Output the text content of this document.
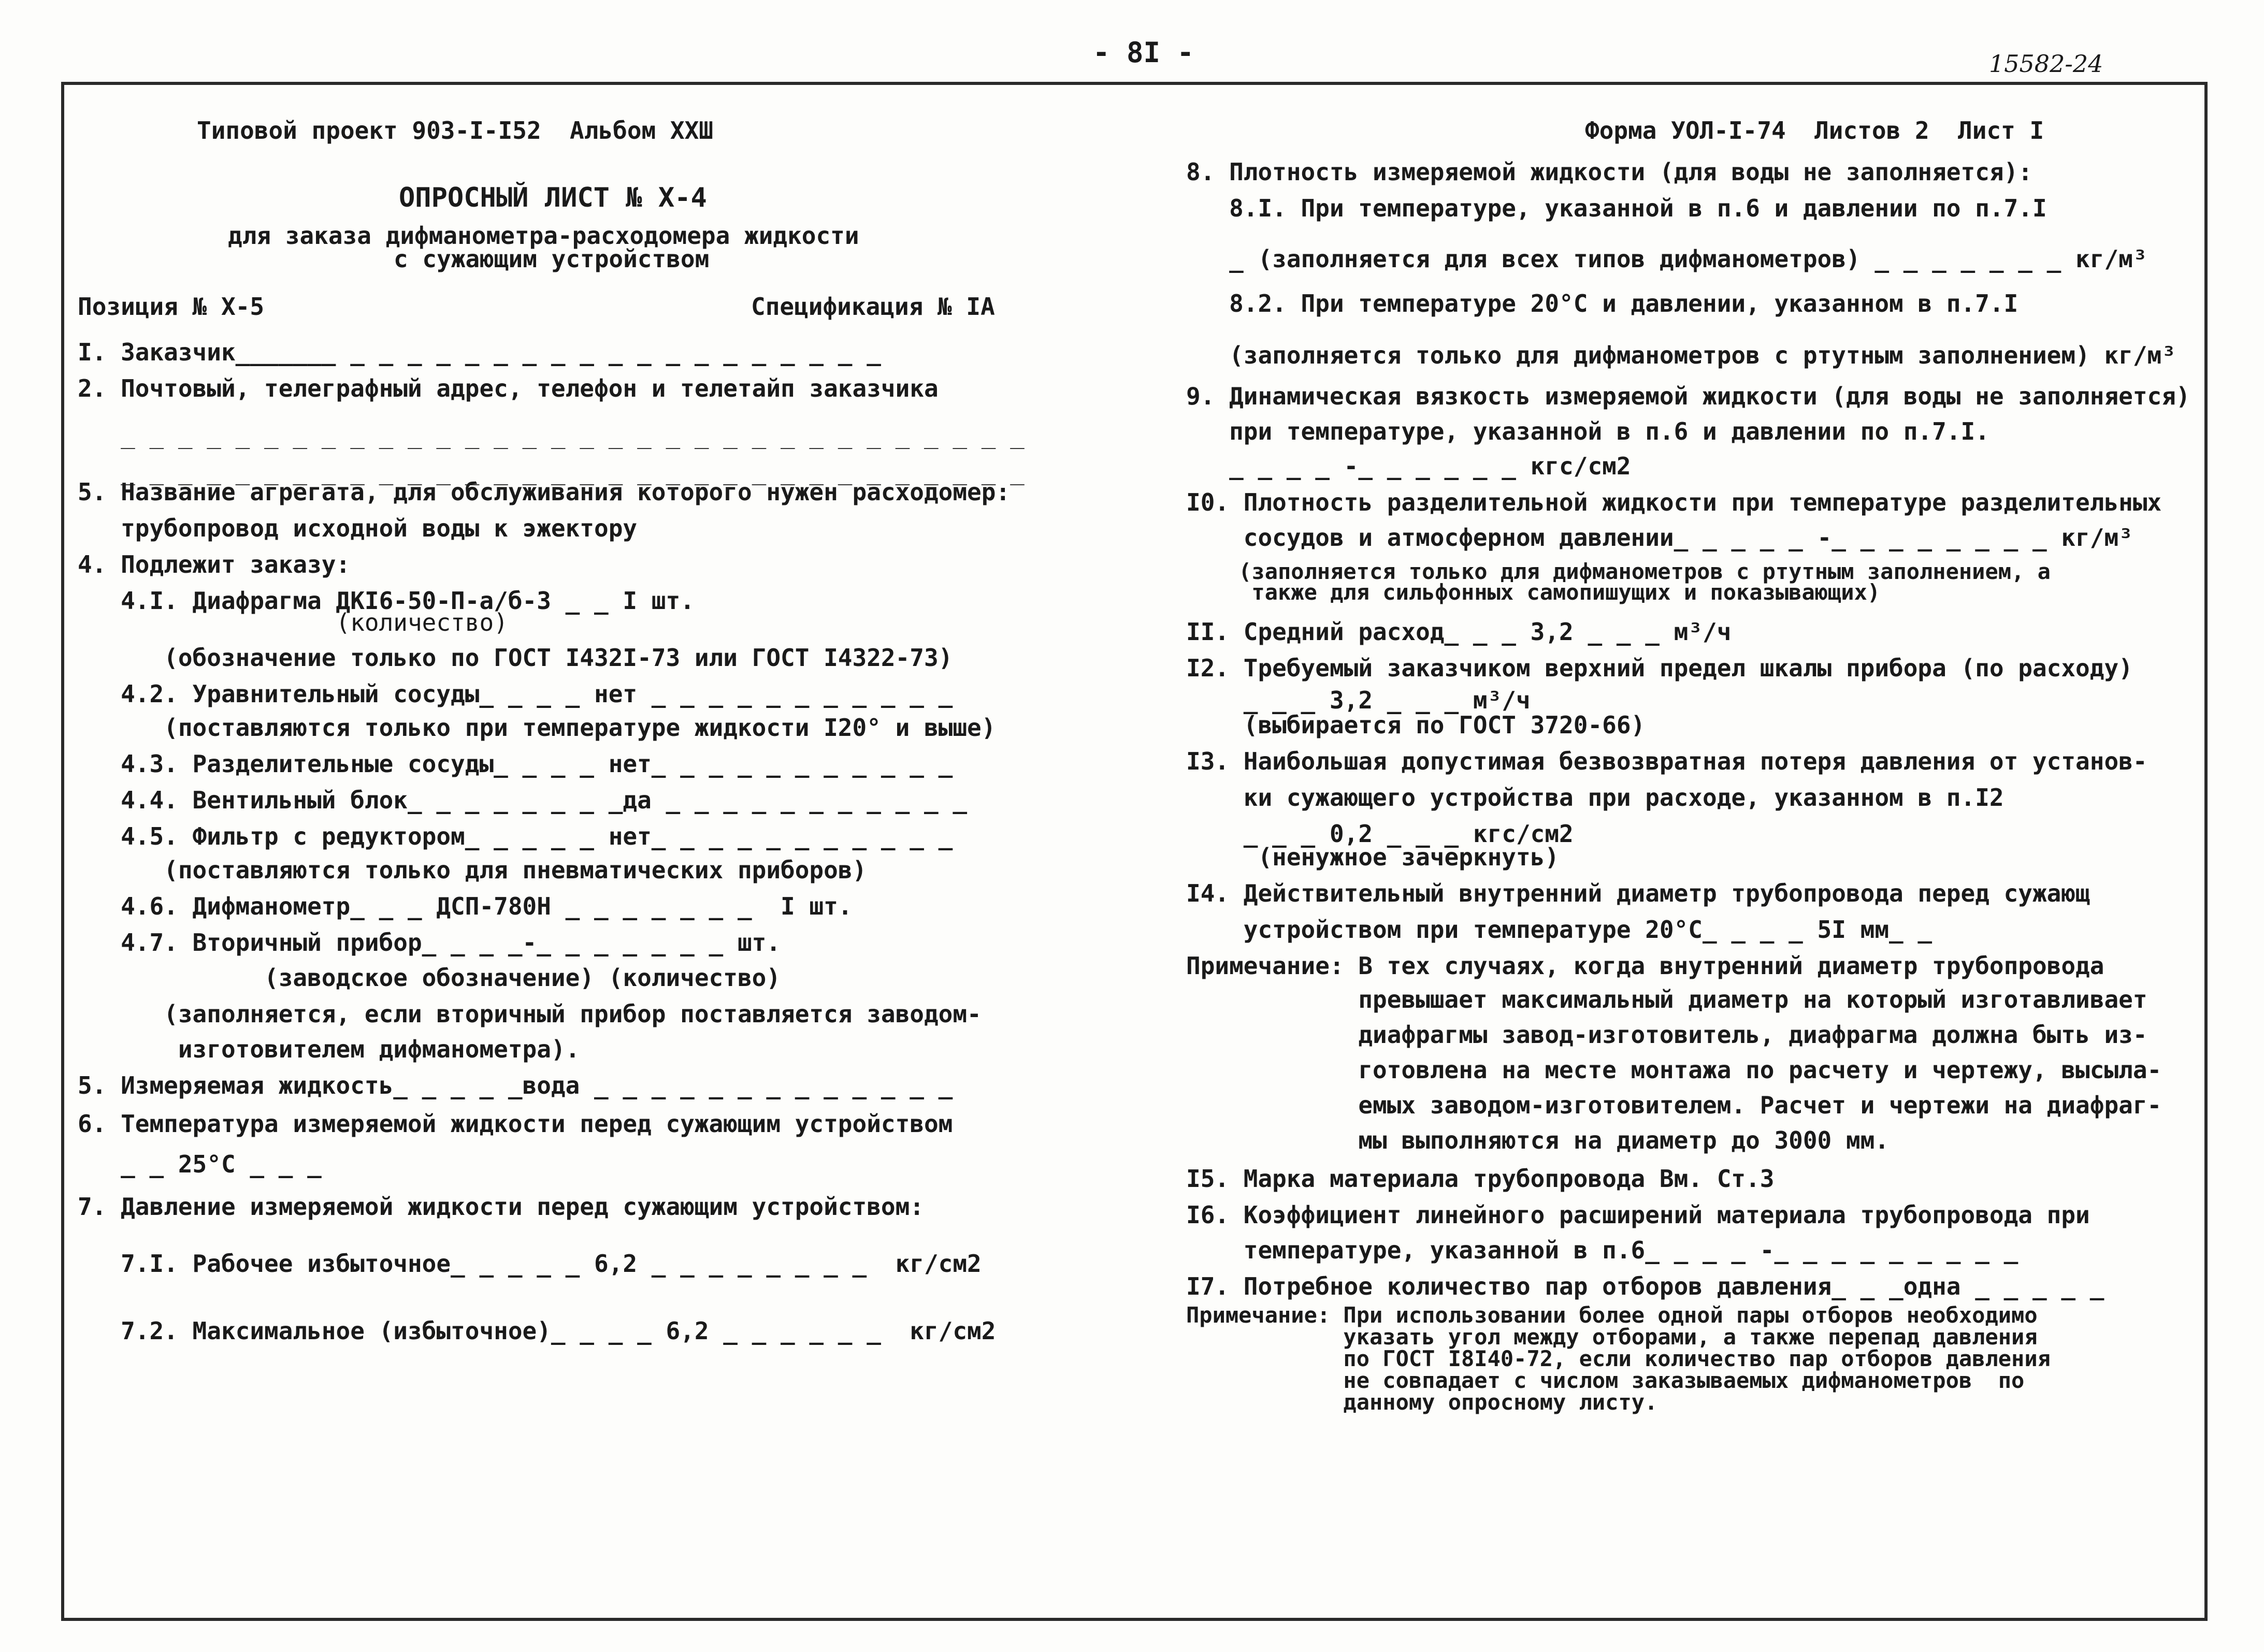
- 8I -	15582-24
Типовой проект 903-I-I52  Альбом XXШ	Форма УОЛ-I-74  Листов 2  Лист I
ОПРОСНЫЙ ЛИСТ № X-4
для заказа дифманометра-расходомера жидкости
с сужающим устройством
Позиция № X-5	Спецификация № IA
I. Заказчик_______ _ _ _ _ _ _ _ _ _ _ _ _ _ _ _ _ _ _ _
2. Почтовый, телеграфный адрес, телефон и телетайп заказчика
_ _ _ _ _ _ _ _ _ _ _ _ _ _ _ _ _ _ _ _ _ _ _ _ _ _ _ _ _ _ _ _
_ _ _ _ _ _ _ _ _ _ _ _ _ _ _ _ _ _ _ _ _ _ _ _ _ _ _ _ _ _ _ _
5. Название агрегата, для обслуживания которого нужен расходомер:
трубопровод исходной воды к эжектору
4. Подлежит заказу:
4.I. Диафрагма ДКI6-50-П-а/б-3 _ _ I шт.
(количество)
(обозначение только по ГОСТ I432I-73 или ГОСТ I4322-73)
4.2. Уравнительный сосуды_ _ _ _ нет _ _ _ _ _ _ _ _ _ _ _
(поставляются только при температуре жидкости I20° и выше)
4.3. Разделительные сосуды_ _ _ _ нет_ _ _ _ _ _ _ _ _ _ _
4.4. Вентильный блок_ _ _ _ _ _ _ _да _ _ _ _ _ _ _ _ _ _ _
4.5. Фильтр с редуктором_ _ _ _ _ нет_ _ _ _ _ _ _ _ _ _ _
(поставляются только для пневматических приборов)
4.6. Дифманометр_ _ _ ДСП-780Н _ _ _ _ _ _ _  I шт.
4.7. Вторичный прибор_ _ _ _-_ _ _ _ _ _ _ шт.
(заводское обозначение) (количество)
(заполняется, если вторичный прибор поставляется заводом-
изготовителем дифманометра).
5. Измеряемая жидкость_ _ _ _ _вода _ _ _ _ _ _ _ _ _ _ _ _ _
6. Температура измеряемой жидкости перед сужающим устройством
_ _ 25°C _ _ _
7. Давление измеряемой жидкости перед сужающим устройством:
7.I. Рабочее избыточное_ _ _ _ _ 6,2 _ _ _ _ _ _ _ _  кг/см2
7.2. Максимальное (избыточное)_ _ _ _ 6,2 _ _ _ _ _ _  кг/см2
8. Плотность измеряемой жидкости (для воды не заполняется):
8.I. При температуре, указанной в п.6 и давлении по п.7.I
_ (заполняется для всех типов дифманометров) _ _ _ _ _ _ _ кг/м³
8.2. При температуре 20°C и давлении, указанном в п.7.I
(заполняется только для дифманометров с ртутным заполнением) кг/м³
9. Динамическая вязкость измеряемой жидкости (для воды не заполняется)
при температуре, указанной в п.6 и давлении по п.7.I.
_ _ _ _ -_ _ _ _ _ _ кгс/см2
I0. Плотность разделительной жидкости при температуре разделительных
сосудов и атмосферном давлении_ _ _ _ _ -_ _ _ _ _ _ _ _ кг/м³
(заполняется только для дифманометров с ртутным заполнением, а
также для сильфонных самопишущих и показывающих)
II. Средний расход_ _ _ 3,2 _ _ _ м³/ч
I2. Требуемый заказчиком верхний предел шкалы прибора (по расходу)
_ _ _ 3,2 _ _ _ м³/ч
(выбирается по ГОСТ 3720-66)
I3. Наибольшая допустимая безвозвратная потеря давления от установ-
ки сужающего устройства при расходе, указанном в п.I2
_ _ _ 0,2 _ _ _ кгс/см2
(ненужное зачеркнуть)
I4. Действительный внутренний диаметр трубопровода перед сужающ
устройством при температуре 20°C_ _ _ _ 5I мм_ _
Примечание: В тех случаях, когда внутренний диаметр трубопровода
превышает максимальный диаметр на который изготавливает
диафрагмы завод-изготовитель, диафрагма должна быть из-
готовлена на месте монтажа по расчету и чертежу, высыла-
емых заводом-изготовителем. Расчет и чертежи на диафраг-
мы выполняются на диаметр до 3000 мм.
I5. Марка материала трубопровода Вм. Ст.3
I6. Коэффициент линейного расширений материала трубопровода при
температуре, указанной в п.6_ _ _ _ -_ _ _ _ _ _ _ _ _
I7. Потребное количество пар отборов давления_ _ _одна _ _ _ _ _
Примечание: При использовании более одной пары отборов необходимо
указать угол между отборами, а также перепад давления
по ГОСТ I8I40-72, если количество пар отборов давления
не совпадает с числом заказываемых дифманометров  по
данному опросному листу.
